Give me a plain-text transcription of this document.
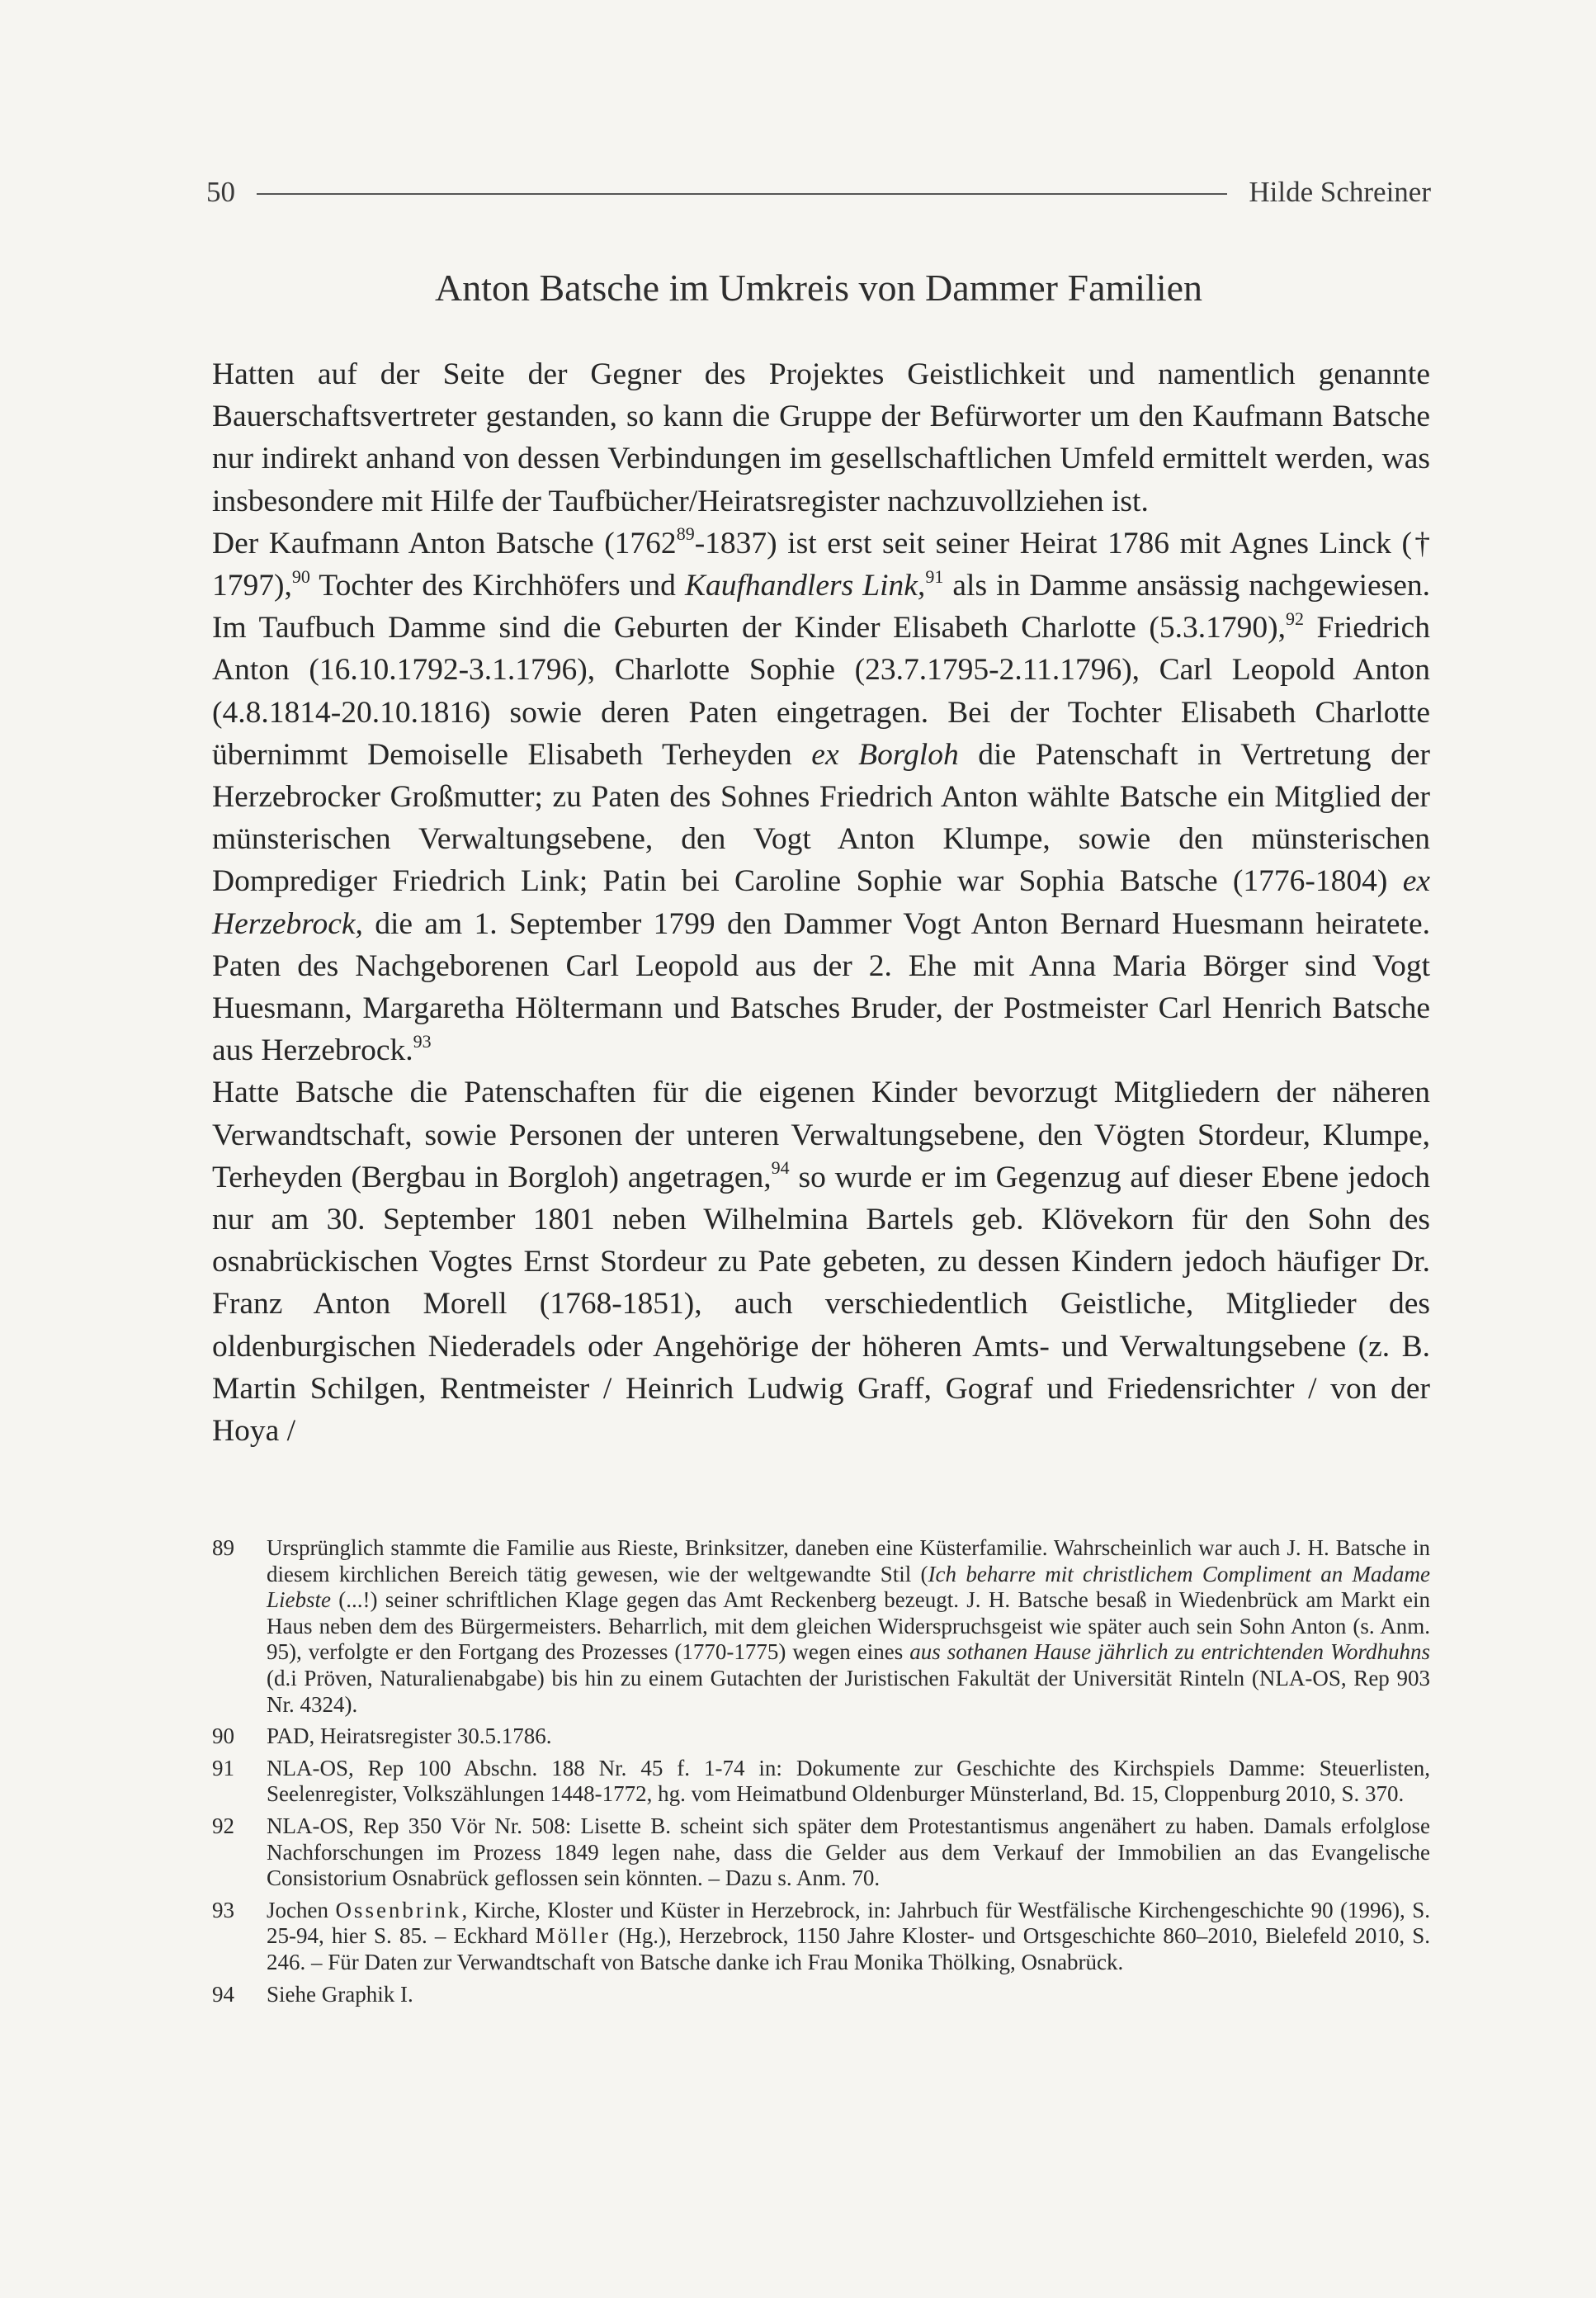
50	Hilde Schreiner
Anton Batsche im Umkreis von Dammer Familien

Hatten auf der Seite der Gegner des Projektes Geistlichkeit und namentlich genannte Bauerschaftsvertreter gestanden, so kann die Gruppe der Befürworter um den Kaufmann Batsche nur indirekt anhand von dessen Verbindungen im gesellschaftlichen Umfeld ermittelt werden, was insbesondere mit Hilfe der Taufbücher/Heiratsregister nachzuvollziehen ist.

Der Kaufmann Anton Batsche (1762$^{89}$-1837) ist erst seit seiner Heirat 1786 mit Agnes Linck († 1797),$^{90}$ Tochter des Kirchhöfers und Kaufhandlers Link,$^{91}$ als in Damme ansässig nachgewiesen. Im Taufbuch Damme sind die Geburten der Kinder Elisabeth Charlotte (5.3.1790),$^{92}$ Friedrich Anton (16.10.1792-3.1.1796), Charlotte Sophie (23.7.1795-2.11.1796), Carl Leopold Anton (4.8.1814-20.10.1816) sowie deren Paten eingetragen. Bei der Tochter Elisabeth Charlotte übernimmt Demoiselle Elisabeth Terheyden ex Borgloh die Patenschaft in Vertretung der Herzebrocker Großmutter; zu Paten des Sohnes Friedrich Anton wählte Batsche ein Mitglied der münsterischen Verwaltungsebene, den Vogt Anton Klumpe, sowie den münsterischen Domprediger Friedrich Link; Patin bei Caroline Sophie war Sophia Batsche (1776-1804) ex Herzebrock, die am 1. September 1799 den Dammer Vogt Anton Bernard Huesmann heiratete. Paten des Nachgeborenen Carl Leopold aus der 2. Ehe mit Anna Maria Börger sind Vogt Huesmann, Margaretha Höltermann und Batsches Bruder, der Postmeister Carl Henrich Batsche aus Herzebrock.$^{93}$

Hatte Batsche die Patenschaften für die eigenen Kinder bevorzugt Mitgliedern der näheren Verwandtschaft, sowie Personen der unteren Verwaltungsebene, den Vögten Stordeur, Klumpe, Terheyden (Bergbau in Borgloh) angetragen,$^{94}$ so wurde er im Gegenzug auf dieser Ebene jedoch nur am 30. September 1801 neben Wilhelmina Bartels geb. Klövekorn für den Sohn des osnabrückischen Vogtes Ernst Stordeur zu Pate gebeten, zu dessen Kindern jedoch häufiger Dr. Franz Anton Morell (1768-1851), auch verschiedentlich Geistliche, Mitglieder des oldenburgischen Niederadels oder Angehörige der höheren Amts- und Verwaltungsebene (z. B. Martin Schilgen, Rentmeister / Heinrich Ludwig Graff, Gograf und Friedensrichter / von der Hoya /

89	Ursprünglich stammte die Familie aus Rieste, Brinksitzer, daneben eine Küsterfamilie. Wahrscheinlich war auch J. H. Batsche in diesem kirchlichen Bereich tätig gewesen, wie der weltgewandte Stil (Ich beharre mit christlichem Compliment an Madame Liebste (...!) seiner schriftlichen Klage gegen das Amt Reckenberg bezeugt. J. H. Batsche besaß in Wiedenbrück am Markt ein Haus neben dem des Bürgermeisters. Beharrlich, mit dem gleichen Widerspruchsgeist wie später auch sein Sohn Anton (s. Anm. 95), verfolgte er den Fortgang des Prozesses (1770-1775) wegen eines aus sothanen Hause jährlich zu entrichtenden Wordhuhns (d.i Pröven, Naturalienabgabe) bis hin zu einem Gutachten der Juristischen Fakultät der Universität Rinteln (NLA-OS, Rep 903 Nr. 4324).
90	PAD, Heiratsregister 30.5.1786.
91	NLA-OS, Rep 100 Abschn. 188 Nr. 45 f. 1-74 in: Dokumente zur Geschichte des Kirchspiels Damme: Steuerlisten, Seelenregister, Volkszählungen 1448-1772, hg. vom Heimatbund Oldenburger Münsterland, Bd. 15, Cloppenburg 2010, S. 370.
92	NLA-OS, Rep 350 Vör Nr. 508: Lisette B. scheint sich später dem Protestantismus angenähert zu haben. Damals erfolglose Nachforschungen im Prozess 1849 legen nahe, dass die Gelder aus dem Verkauf der Immobilien an das Evangelische Consistorium Osnabrück geflossen sein könnten. – Dazu s. Anm. 70.
93	Jochen Ossenbrink, Kirche, Kloster und Küster in Herzebrock, in: Jahrbuch für Westfälische Kirchengeschichte 90 (1996), S. 25-94, hier S. 85. – Eckhard Möller (Hg.), Herzebrock, 1150 Jahre Kloster- und Ortsgeschichte 860–2010, Bielefeld 2010, S. 246. – Für Daten zur Verwandtschaft von Batsche danke ich Frau Monika Thölking, Osnabrück.
94	Siehe Graphik I.
